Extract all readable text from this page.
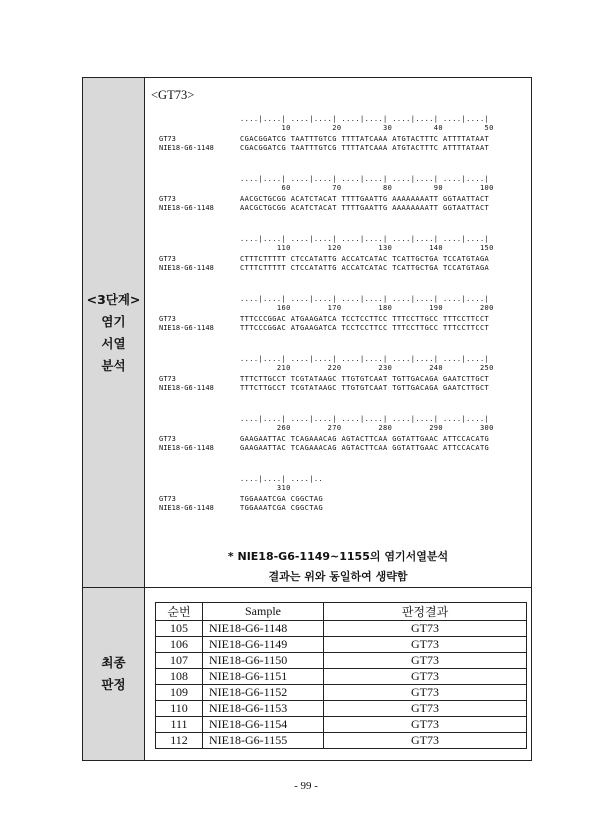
<3단계>
염기
서열
분석
<GT73>
....|....| ....|....| ....|....| ....|....| ....|....|
10         20         30         40         50
GT73	CGACGGATCG TAATTTGTCG TTTTATCAAA ATGTACTTTC ATTTTATAAT
NIE18-G6-1148	CGACGGATCG TAATTTGTCG TTTTATCAAA ATGTACTTTC ATTTTATAAT
....|....| ....|....| ....|....| ....|....| ....|....|
60         70         80         90        100
GT73	AACGCTGCGG ACATCTACAT TTTTGAATTG AAAAAAAATT GGTAATTACT
NIE18-G6-1148	AACGCTGCGG ACATCTACAT TTTTGAATTG AAAAAAAATT GGTAATTACT
....|....| ....|....| ....|....| ....|....| ....|....|
110        120        130        140        150
GT73	CTTTCTTTTT CTCCATATTG ACCATCATAC TCATTGCTGA TCCATGTAGA
NIE18-G6-1148	CTTTCTTTTT CTCCATATTG ACCATCATAC TCATTGCTGA TCCATGTAGA
....|....| ....|....| ....|....| ....|....| ....|....|
160        170        180        190        200
GT73	TTTCCCGGAC ATGAAGATCA TCCTCCTTCC TTTCCTTGCC TTTCCTTCCT
NIE18-G6-1148	TTTCCCGGAC ATGAAGATCA TCCTCCTTCC TTTCCTTGCC TTTCCTTCCT
....|....| ....|....| ....|....| ....|....| ....|....|
210        220        230        240        250
GT73	TTTCTTGCCT TCGTATAAGC TTGTGTCAAT TGTTGACAGA GAATCTTGCT
NIE18-G6-1148	TTTCTTGCCT TCGTATAAGC TTGTGTCAAT TGTTGACAGA GAATCTTGCT
....|....| ....|....| ....|....| ....|....| ....|....|
260        270        280        290        300
GT73	GAAGAATTAC TCAGAAACAG AGTACTTCAA GGTATTGAAC ATTCCACATG
NIE18-G6-1148	GAAGAATTAC TCAGAAACAG AGTACTTCAA GGTATTGAAC ATTCCACATG
....|....| ....|..
310
GT73	TGGAAATCGA CGGCTAG
NIE18-G6-1148	TGGAAATCGA CGGCTAG
* NIE18-G6-1149~1155의 염기서열분석
결과는 위와 동일하여 생략함
최종
판정
순번	Sample	판정결과
105	NIE18-G6-1148	GT73
106	NIE18-G6-1149	GT73
107	NIE18-G6-1150	GT73
108	NIE18-G6-1151	GT73
109	NIE18-G6-1152	GT73
110	NIE18-G6-1153	GT73
111	NIE18-G6-1154	GT73
112	NIE18-G6-1155	GT73
- 99 -
